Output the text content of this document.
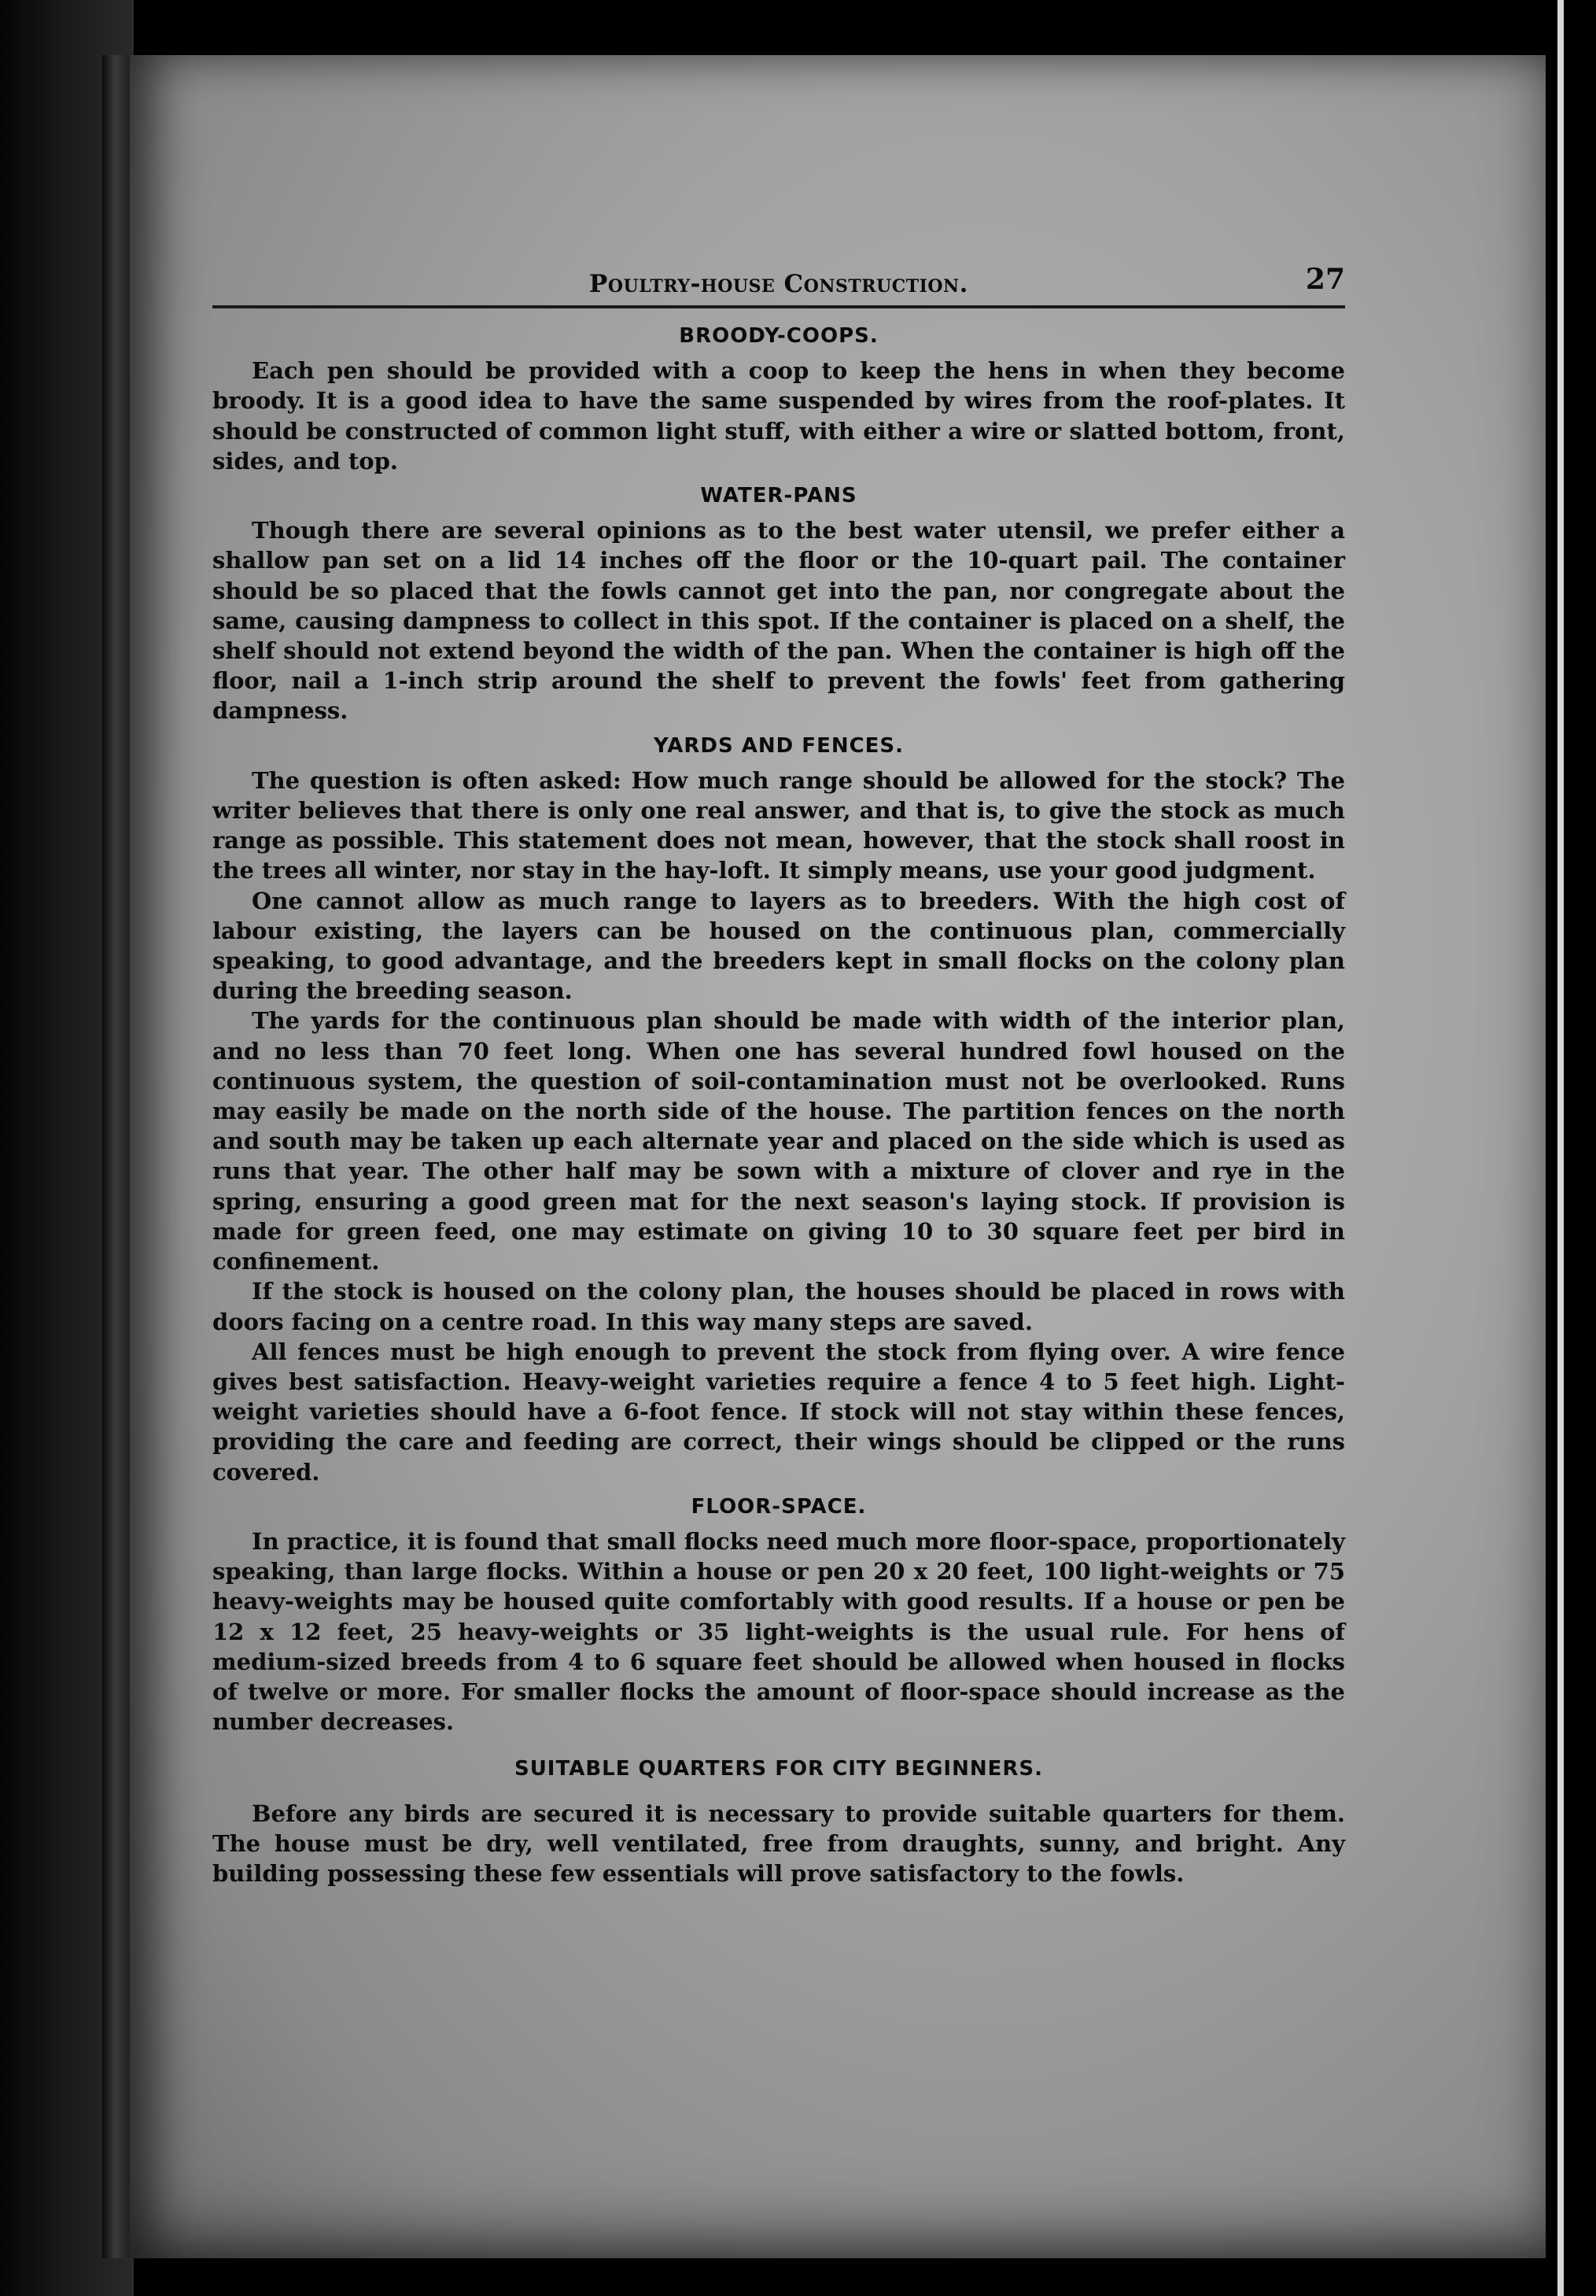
Poultry-house Construction.	27
BROODY-COOPS.

Each pen should be provided with a coop to keep the hens in when they become broody. It is a good idea to have the same suspended by wires from the roof-plates. It should be constructed of common light stuff, with either a wire or slatted bottom, front, sides, and top.

WATER-PANS

Though there are several opinions as to the best water utensil, we prefer either a shallow pan set on a lid 14 inches off the floor or the 10-quart pail. The container should be so placed that the fowls cannot get into the pan, nor congregate about the same, causing dampness to collect in this spot. If the container is placed on a shelf, the shelf should not extend beyond the width of the pan. When the container is high off the floor, nail a 1-inch strip around the shelf to prevent the fowls' feet from gathering dampness.

YARDS AND FENCES.

The question is often asked: How much range should be allowed for the stock? The writer believes that there is only one real answer, and that is, to give the stock as much range as possible. This statement does not mean, however, that the stock shall roost in the trees all winter, nor stay in the hay-loft. It simply means, use your good judgment.

One cannot allow as much range to layers as to breeders. With the high cost of labour existing, the layers can be housed on the continuous plan, commercially speaking, to good advantage, and the breeders kept in small flocks on the colony plan during the breeding season.

The yards for the continuous plan should be made with width of the interior plan, and no less than 70 feet long. When one has several hundred fowl housed on the continuous system, the question of soil-contamination must not be overlooked. Runs may easily be made on the north side of the house. The partition fences on the north and south may be taken up each alternate year and placed on the side which is used as runs that year. The other half may be sown with a mixture of clover and rye in the spring, ensuring a good green mat for the next season's laying stock. If provision is made for green feed, one may estimate on giving 10 to 30 square feet per bird in confinement.

If the stock is housed on the colony plan, the houses should be placed in rows with doors facing on a centre road. In this way many steps are saved.

All fences must be high enough to prevent the stock from flying over. A wire fence gives best satisfaction. Heavy-weight varieties require a fence 4 to 5 feet high. Light-weight varieties should have a 6-foot fence. If stock will not stay within these fences, providing the care and feeding are correct, their wings should be clipped or the runs covered.

FLOOR-SPACE.

In practice, it is found that small flocks need much more floor-space, proportionately speaking, than large flocks. Within a house or pen 20 x 20 feet, 100 light-weights or 75 heavy-weights may be housed quite comfortably with good results. If a house or pen be 12 x 12 feet, 25 heavy-weights or 35 light-weights is the usual rule. For hens of medium-sized breeds from 4 to 6 square feet should be allowed when housed in flocks of twelve or more. For smaller flocks the amount of floor-space should increase as the number decreases.

SUITABLE QUARTERS FOR CITY BEGINNERS.

Before any birds are secured it is necessary to provide suitable quarters for them. The house must be dry, well ventilated, free from draughts, sunny, and bright. Any building possessing these few essentials will prove satisfactory to the fowls.
